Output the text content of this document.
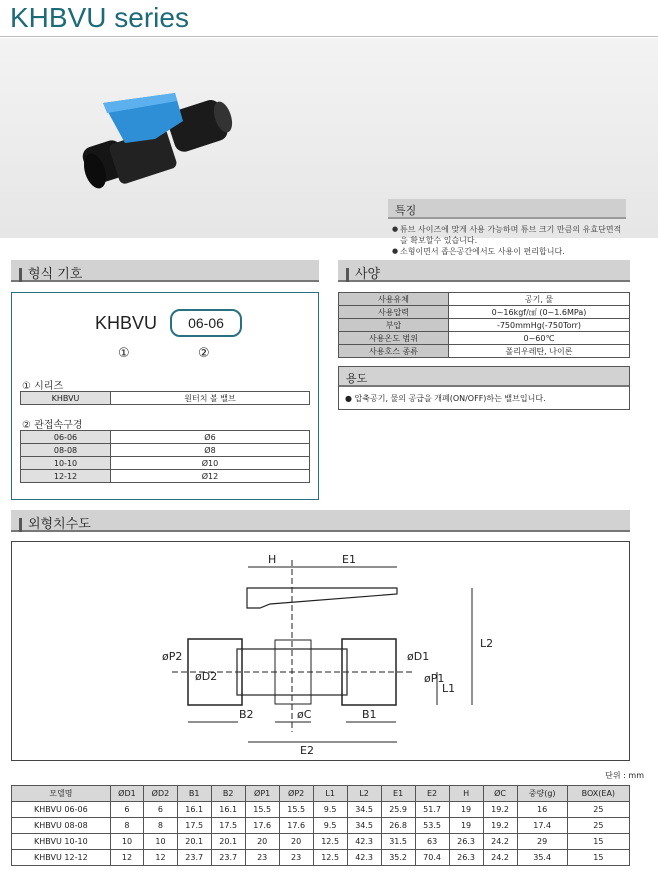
KHBVU series
특징
● 튜브 사이즈에 맞게 사용 가능하며 튜브 크기 만큼의 유효단면적을 확보할수 있습니다.
● 소형이면서 좁은공간에서도 사용이 편리합니다.
형식 기호	사양
KHBVU	06-06
①	②
① 시리즈
KHBVU	원터치 볼 밸브
② 관접속구경
06-06	Ø6
08-08	Ø8
10-10	Ø10
12-12	Ø12
사용유체	공기, 물
사용압력	0~16kgf/㎠ (0~1.6MPa)
부압	-750mmHg(-750Torr)
사용온도 범위	0~60℃
사용호스 종류	폴리우레탄, 나이론
용도
● 압축공기, 물의 공급을 개폐(ON/OFF)하는 밸브입니다.
외형치수도
H	E1
L2
L1
øP2
øD2
øD1
øP1
B2	øC	B1
E2
단위 : mm
모델명	ØD1	ØD2	B1	B2	ØP1	ØP2	L1	L2	E1	E2	H	ØC	중량(g)	BOX(EA)
KHBVU 06-06	6	6	16.1	16.1	15.5	15.5	9.5	34.5	25.9	51.7	19	19.2	16	25
KHBVU 08-08	8	8	17.5	17.5	17.6	17.6	9.5	34.5	26.8	53.5	19	19.2	17.4	25
KHBVU 10-10	10	10	20.1	20.1	20	20	12.5	42.3	31.5	63	26.3	24.2	29	15
KHBVU 12-12	12	12	23.7	23.7	23	23	12.5	42.3	35.2	70.4	26.3	24.2	35.4	15
